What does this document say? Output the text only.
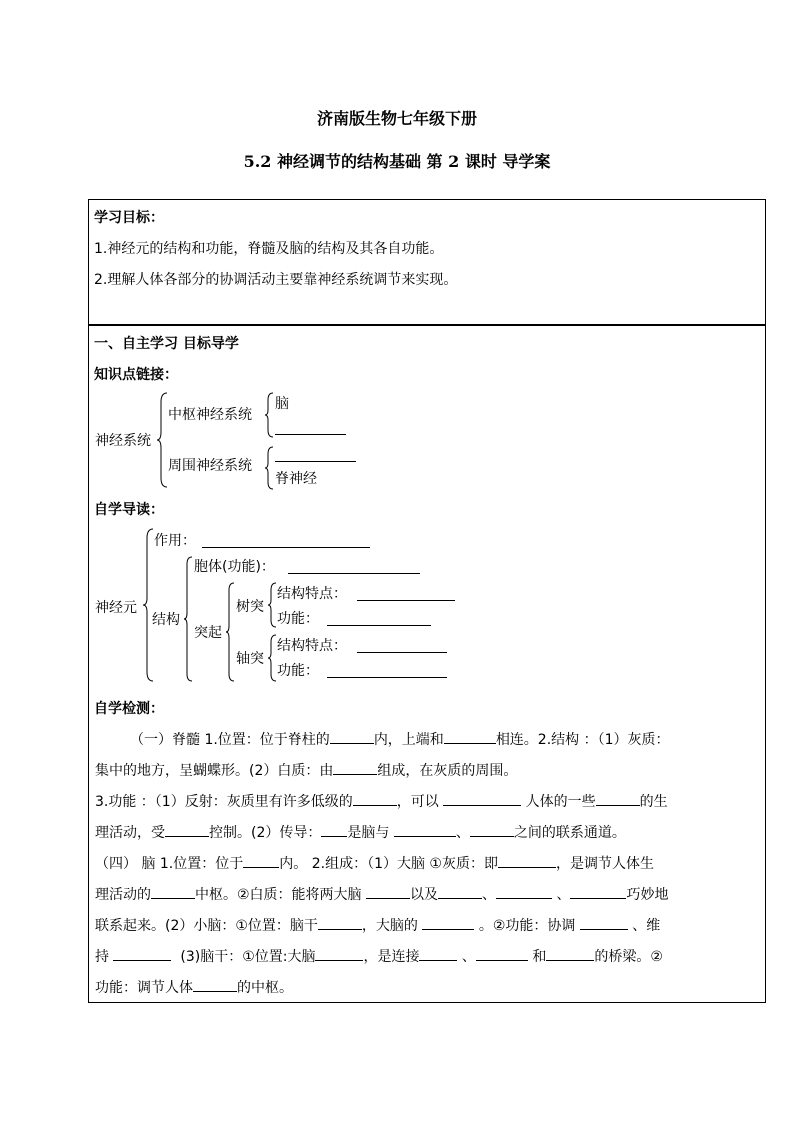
济南版生物七年级下册
5.2 神经调节的结构基础 第 2 课时 导学案
学习目标：
1.神经元的结构和功能，脊髓及脑的结构及其各自功能。
2.理解人体各部分的协调活动主要靠神经系统调节来实现。
一、自主学习 目标导学
知识点链接：
神经系统
中枢神经系统
脑
周围神经系统
脊神经
自学导读：
神经元
作用：
结构
胞体(功能)：
突起
树突
结构特点：
功能：
轴突
结构特点：
功能：
自学检测：
（一）脊髓 1.位置：位于脊柱的	内，上端和	相连。2.结构 ：（1）灰质：
集中的地方，呈蝴蝶形。(2）白质：由	组成，在灰质的周围。
3.功能 ：（1）反射：灰质里有许多低级的	，可以	人体的一些	的生
理活动，受	控制。(2）传导： 是脑与	、	之间的联系通道。
（四） 脑 1.位置：位于	内。 2.组成：（1）大脑 ①灰质：即	，是调节人体生
理活动的	中枢。②白质：能将两大脑	以及	、	、	巧妙地
联系起来。(2）小脑：①位置：脑干	，大脑的	。②功能：协调	、维
持	(3)脑干：①位置:大脑	，是连接	、	和	的桥梁。②
功能：调节人体	的中枢。
